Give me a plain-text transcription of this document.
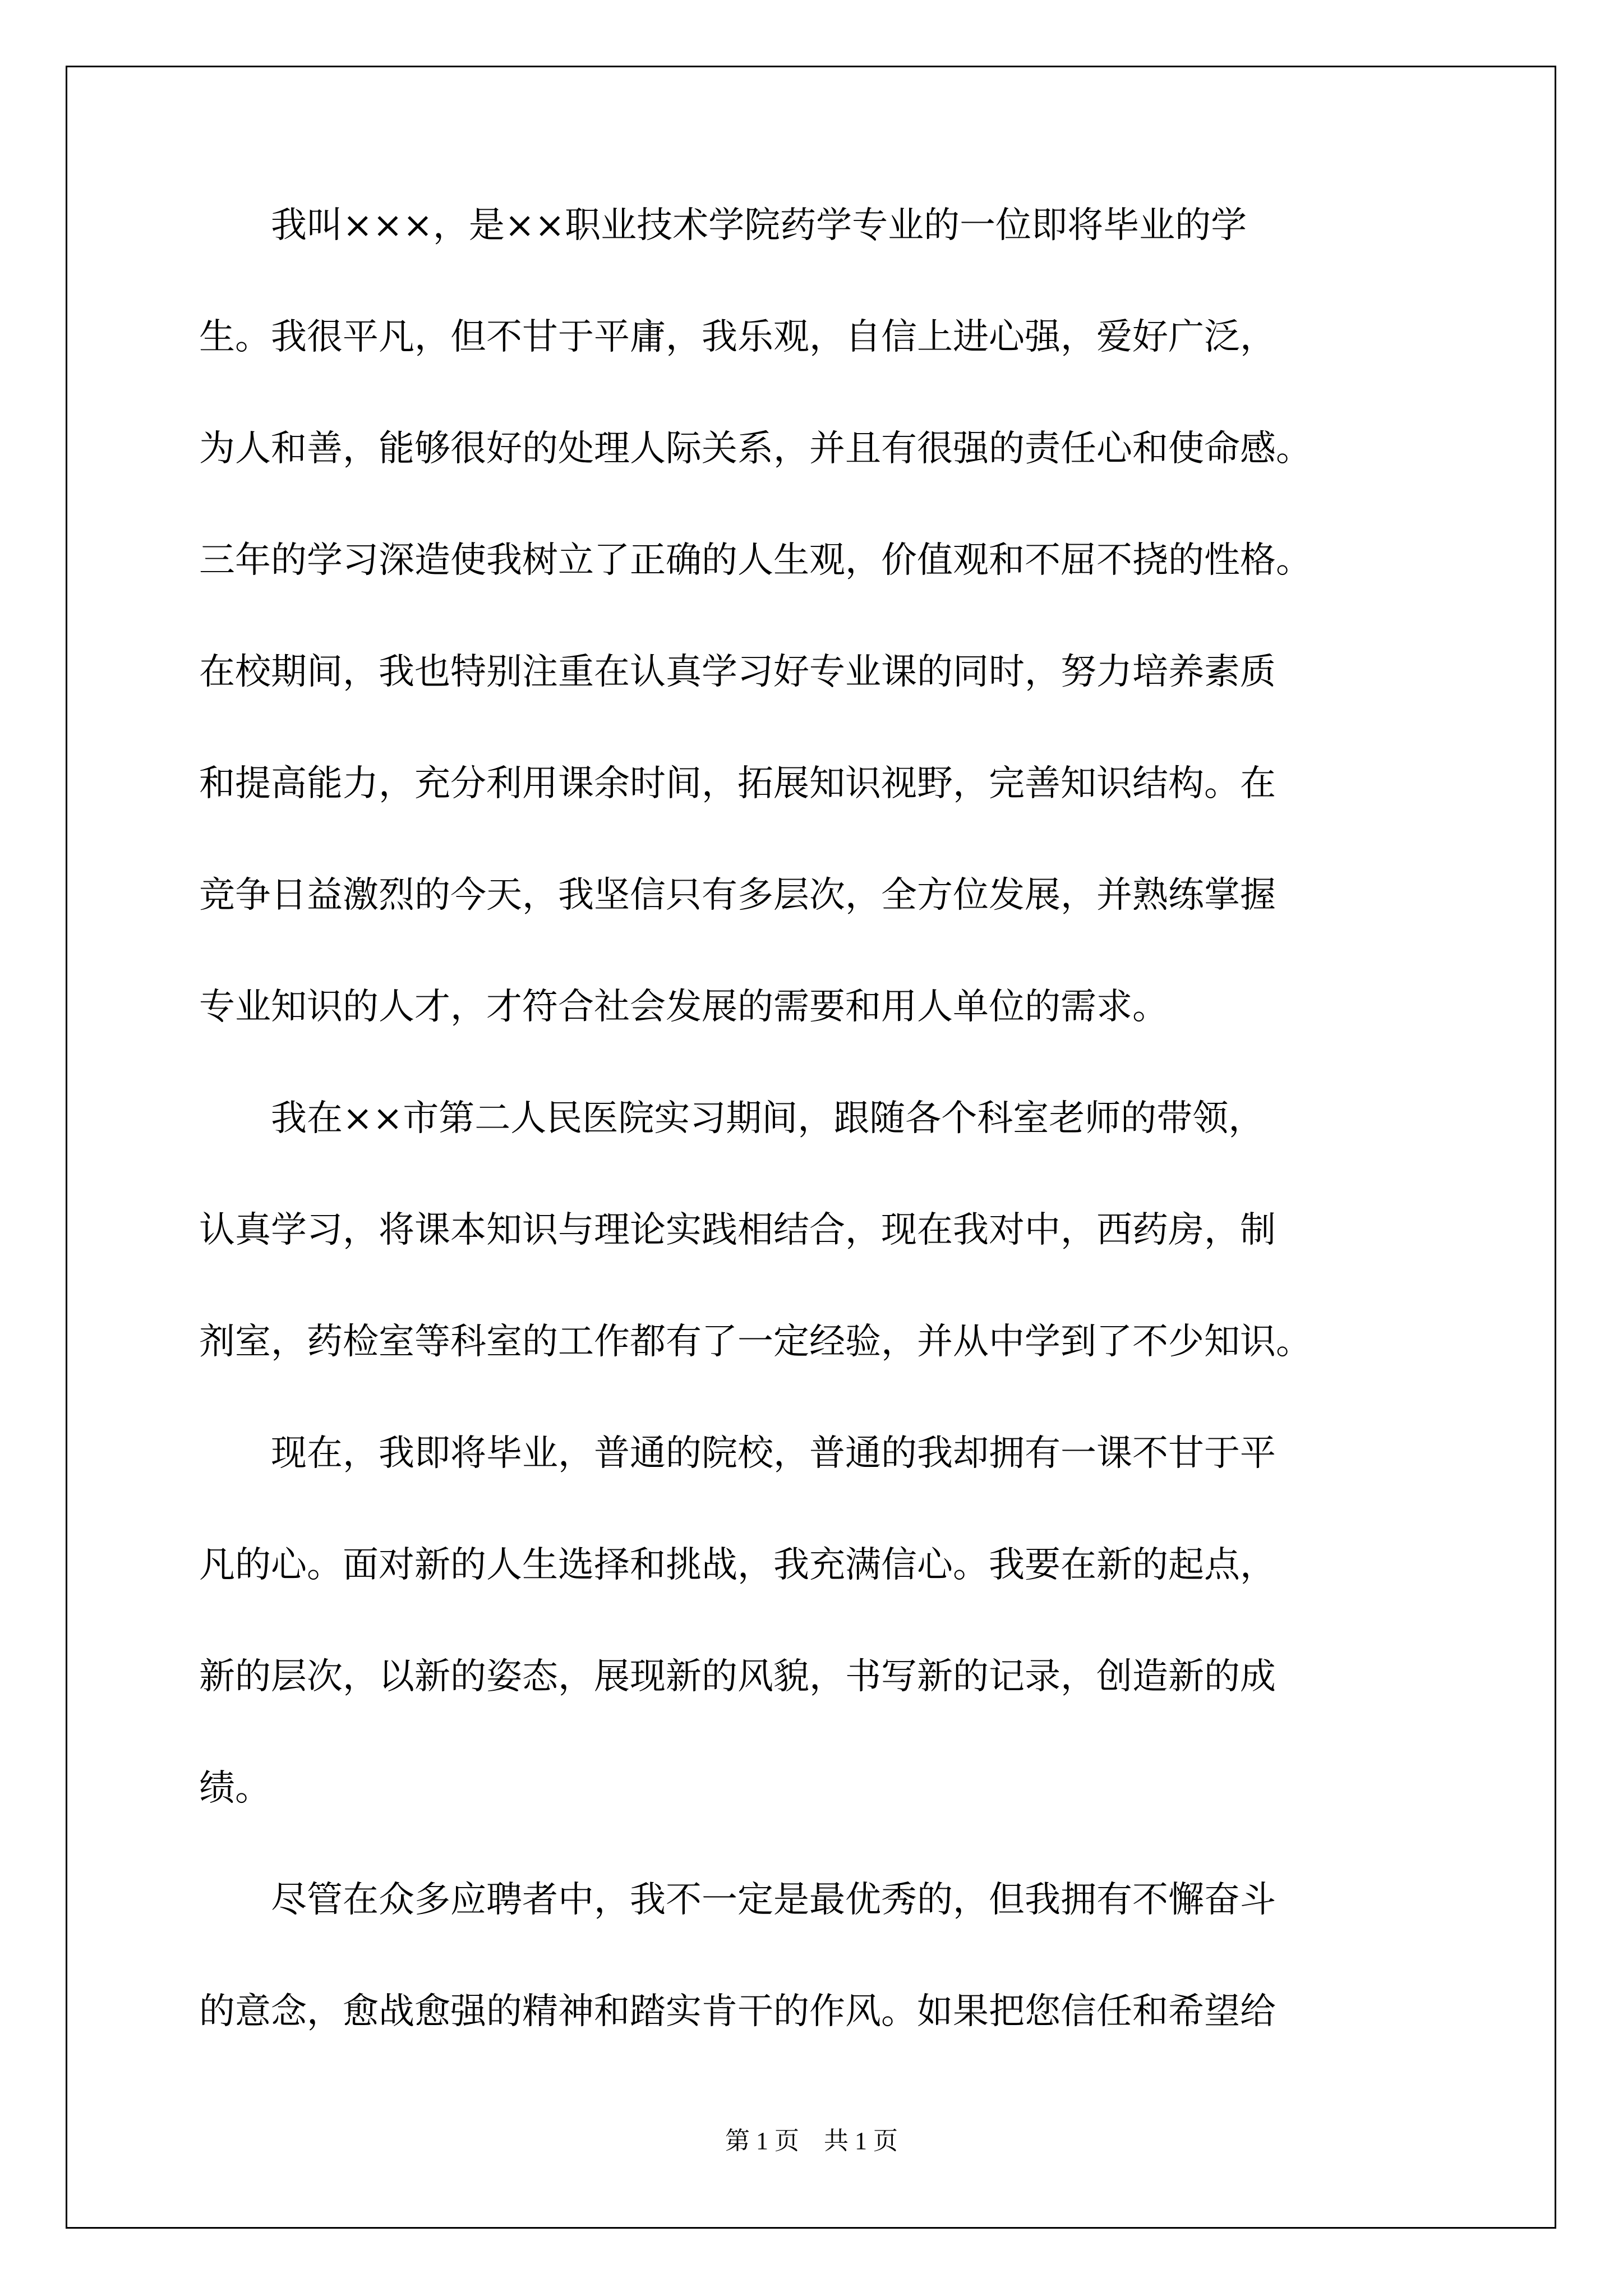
　　我叫×××，是××职业技术学院药学专业的一位即将毕业的学
生。我很平凡，但不甘于平庸，我乐观，自信上进心强，爱好广泛，
为人和善，能够很好的处理人际关系，并且有很强的责任心和使命感。
三年的学习深造使我树立了正确的人生观，价值观和不屈不挠的性格。
在校期间，我也特别注重在认真学习好专业课的同时，努力培养素质
和提高能力，充分利用课余时间，拓展知识视野，完善知识结构。在
竞争日益激烈的今天，我坚信只有多层次，全方位发展，并熟练掌握
专业知识的人才，才符合社会发展的需要和用人单位的需求。
　　我在××市第二人民医院实习期间，跟随各个科室老师的带领，
认真学习，将课本知识与理论实践相结合，现在我对中，西药房，制
剂室，药检室等科室的工作都有了一定经验，并从中学到了不少知识。
　　现在，我即将毕业，普通的院校，普通的我却拥有一课不甘于平
凡的心。面对新的人生选择和挑战，我充满信心。我要在新的起点，
新的层次，以新的姿态，展现新的风貌，书写新的记录，创造新的成
绩。
　　尽管在众多应聘者中，我不一定是最优秀的，但我拥有不懈奋斗
的意念，愈战愈强的精神和踏实肯干的作风。如果把您信任和希望给
第 1 页　共 1 页
